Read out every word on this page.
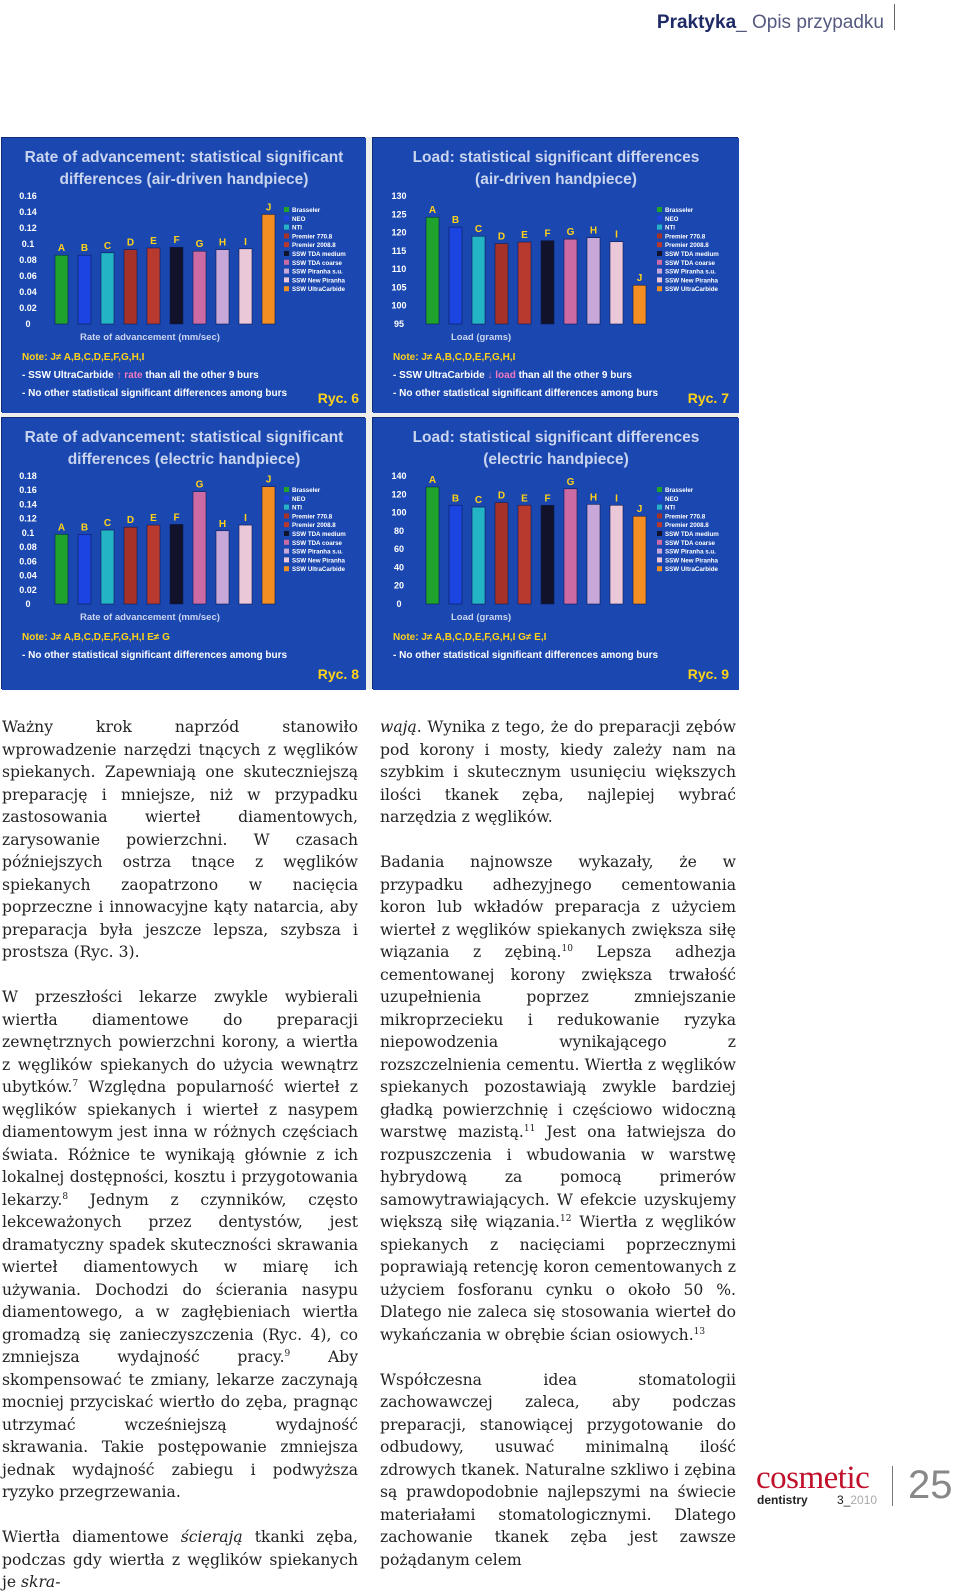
Praktyka_ Opis przypadku
Rate of advancement: statistical significant
differences (air-driven handpiece)
0.16
0.14
0.12
0.1
0.08
0.06
0.04
0.02
0
A B C D E F G H I
J
Rate of advancement (mm/sec)
Brasseler
NEO
NTI
Premier 770.8
Premier 2008.8
SSW TDA medium
SSW TDA coarse
SSW Piranha s.u.
SSW New Piranha
SSW UltraCarbide
Note: J≠ A,B,C,D,E,F,G,H,I
- SSW UltraCarbide ↑ rate than all the other 9 burs
- No other statistical significant differences among burs Ryc. 6
Load: statistical significant differences
(air-driven handpiece)
130
125
120
115
110
105
100
95
A
B
C
D E F G H I
J
Load (grams)
Brasseler
NEO
NTI
Premier 770.8
Premier 2008.8
SSW TDA medium
SSW TDA coarse
SSW Piranha s.u.
SSW New Piranha
SSW UltraCarbide
Note: J≠ A,B,C,D,E,F,G,H,I
- SSW UltraCarbide ↓ load than all the other 9 burs
- No other statistical significant differences among burs Ryc. 7
Rate of advancement: statistical significant
differences (electric handpiece)
0.18
0.16
0.14
0.12
0.1
0.08
0.06
0.04
0.02
0
A B C D E F
G
H
I
J
Rate of advancement (mm/sec)
Brasseler
NEO
NTI
Premier 770.8
Premier 2008.8
SSW TDA medium
SSW TDA coarse
SSW Piranha s.u.
SSW New Piranha
SSW UltraCarbide
Note: J≠ A,B,C,D,E,F,G,H,I E≠ G
- No other statistical significant differences among burs
Ryc. 8
Load: statistical significant differences
(electric handpiece)
140
120
100
80
60
40
20
0
A
B C D E F
G
H I
J
Load (grams)
Brasseler
NEO
NTI
Premier 770.8
Premier 2008.8
SSW TDA medium
SSW TDA coarse
SSW Piranha s.u.
SSW New Piranha
SSW UltraCarbide
Note: J≠ A,B,C,D,E,F,G,H,I G≠ E,I
- No other statistical significant differences among burs
Ryc. 9

Ważny krok naprzód stanowiło wprowadzenie narzędzi tnących z węglików spiekanych. Zapewniają one skuteczniejszą preparację i mniejsze, niż w przypadku zastosowania wierteł diamentowych, zarysowanie powierzchni. W czasach późniejszych ostrza tnące z węglików spiekanych zaopatrzono w nacięcia poprzeczne i innowacyjne kąty natarcia, aby preparacja była jeszcze lepsza, szybsza i prostsza (Ryc. 3).

W przeszłości lekarze zwykle wybierali wiertła diamentowe do preparacji zewnętrznych powierzchni korony, a wiertła z węglików spiekanych do użycia wewnątrz ubytków.$^7$ Względna popularność wierteł z węglików spiekanych i wierteł z nasypem diamentowym jest inna w różnych częściach świata. Różnice te wynikają głównie z ich lokalnej dostępności, kosztu i przygotowania lekarzy.$^8$ Jednym z czynników, często lekceważonych przez dentystów, jest dramatyczny spadek skuteczności skrawania wierteł diamentowych w miarę ich używania. Dochodzi do ścierania nasypu diamentowego, a w zagłębieniach wiertła gromadzą się zanieczyszczenia (Ryc. 4), co zmniejsza wydajność pracy.$^9$ Aby skompensować te zmiany, lekarze zaczynają mocniej przyciskać wiertło do zęba, pragnąc utrzymać wcześniejszą wydajność skrawania. Takie postępowanie zmniejsza jednak wydajność zabiegu i podwyższa ryzyko przegrzewania.

Wiertła diamentowe ścierają tkanki zęba, podczas gdy wiertła z węglików spiekanych je skra-

wają. Wynika z tego, że do preparacji zębów pod korony i mosty, kiedy zależy nam na szybkim i skutecznym usunięciu większych ilości tkanek zęba, najlepiej wybrać narzędzia z węglików.

Badania najnowsze wykazały, że w przypadku adhezyjnego cementowania koron lub wkładów preparacja z użyciem wierteł z węglików spiekanych zwiększa siłę wiązania z zębiną.$^{10}$ Lepsza adhezja cementowanej korony zwiększa trwałość uzupełnienia poprzez zmniejszanie mikroprzecieku i redukowanie ryzyka niepowodzenia wynikającego z rozszczelnienia cementu. Wiertła z węglików spiekanych pozostawiają zwykle bardziej gładką powierzchnię i częściowo widoczną warstwę mazistą.$^{11}$ Jest ona łatwiejsza do rozpuszczenia i wbudowania w warstwę hybrydową za pomocą primerów samowytrawiających. W efekcie uzyskujemy większą siłę wiązania.$^{12}$ Wiertła z węglików spiekanych z nacięciami poprzecznymi poprawiają retencję koron cementowanych z użyciem fosforanu cynku o około 50 %. Dlatego nie zaleca się stosowania wierteł do wykańczania w obrębie ścian osiowych.$^{13}$

Współczesna idea stomatologii zachowawczej zaleca, aby podczas preparacji, stanowiącej przygotowanie do odbudowy, usuwać minimalną ilość zdrowych tkanek. Naturalne szkliwo i zębina są prawdopodobnie najlepszymi na świecie materiałami stomatologicznymi. Dlatego zachowanie tkanek zęba jest zawsze pożądanym celem

cosmetic
dentistry 3_2010 25
